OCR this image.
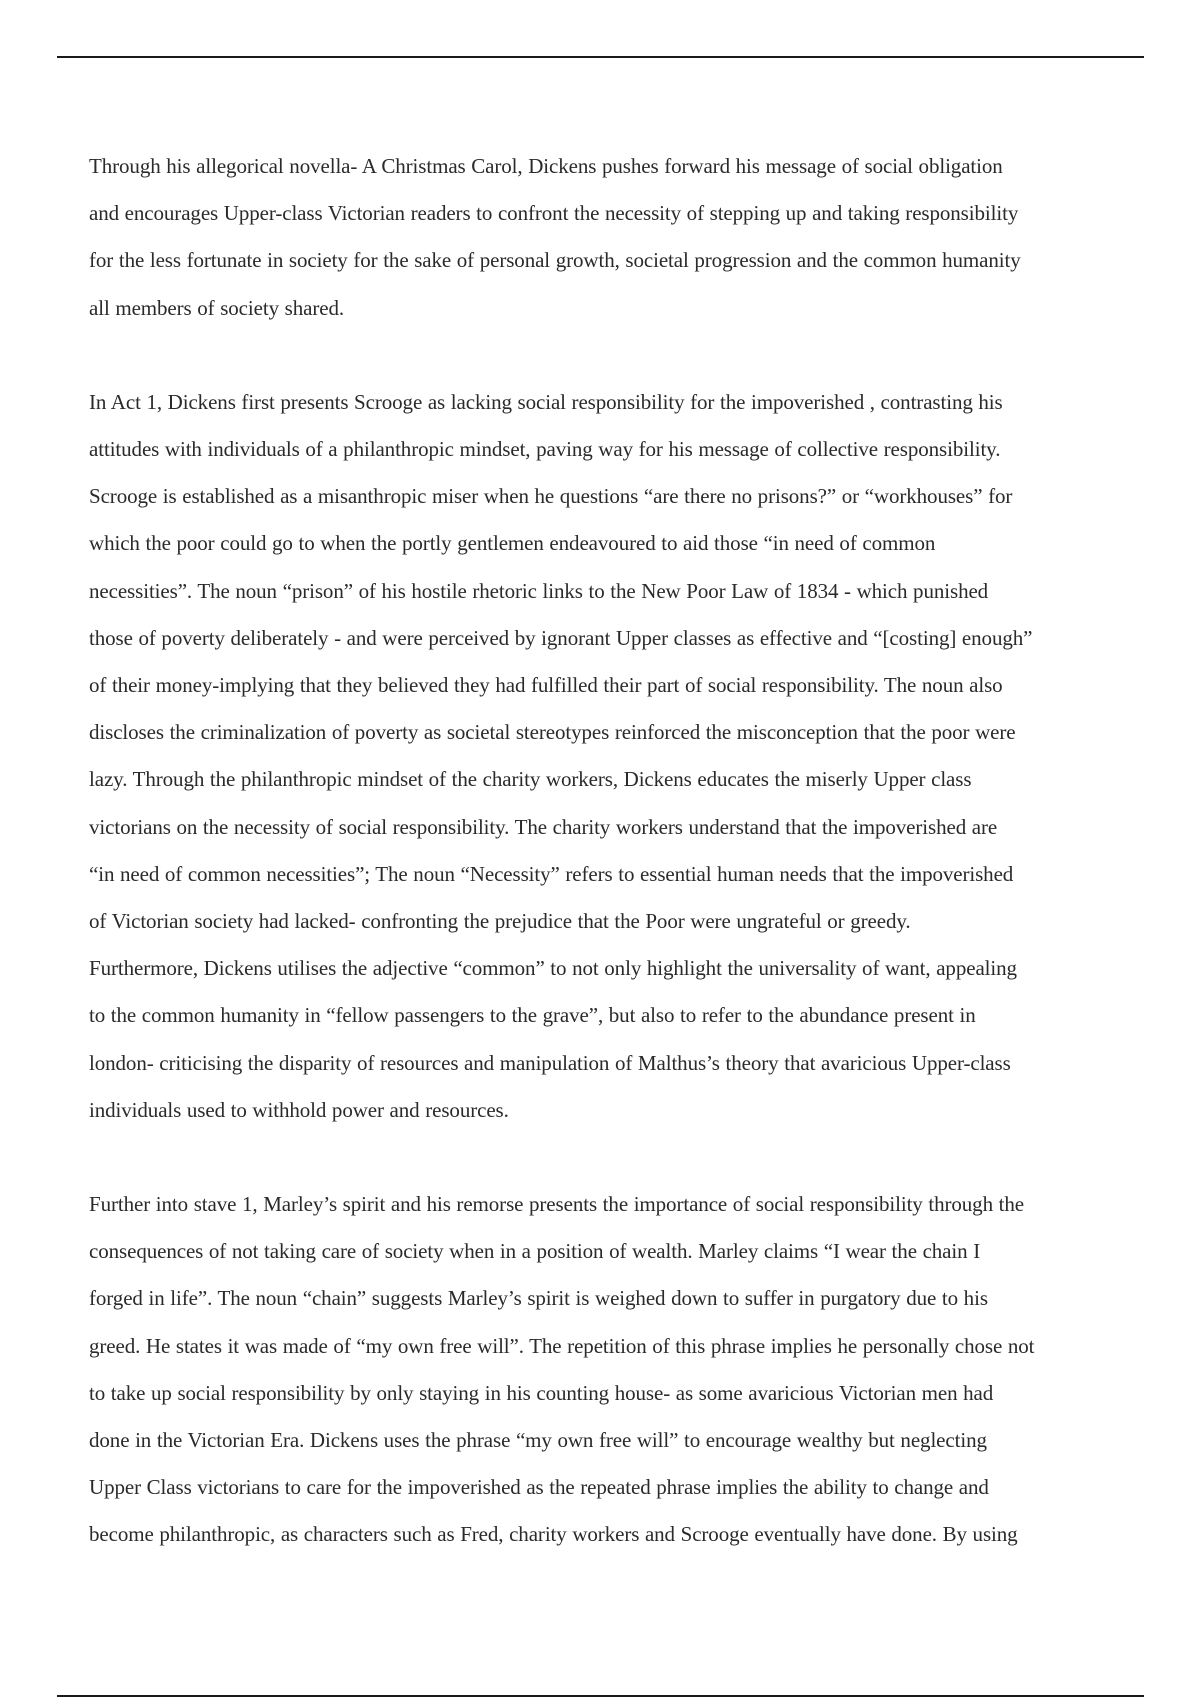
Through his allegorical novella- A Christmas Carol, Dickens pushes forward his message of social obligation
and encourages Upper-class Victorian readers to confront the necessity of stepping up and taking responsibility
for the less fortunate in society for the sake of personal growth, societal progression and the common humanity
all members of society shared.
In Act 1, Dickens first presents Scrooge as lacking social responsibility for the impoverished , contrasting his
attitudes with individuals of a philanthropic mindset, paving way for his message of collective responsibility.
Scrooge is established as a misanthropic miser when he questions “are there no prisons?” or “workhouses” for
which the poor could go to when the portly gentlemen endeavoured to aid those “in need of common
necessities”. The noun “prison” of his hostile rhetoric links to the New Poor Law of 1834 - which punished
those of poverty deliberately - and were perceived by ignorant Upper classes as effective and “[costing] enough”
of their money-implying that they believed they had fulfilled their part of social responsibility. The noun also
discloses the criminalization of poverty as societal stereotypes reinforced the misconception that the poor were
lazy. Through the philanthropic mindset of the charity workers, Dickens educates the miserly Upper class
victorians on the necessity of social responsibility. The charity workers understand that the impoverished are
“in need of common necessities”; The noun “Necessity” refers to essential human needs that the impoverished
of Victorian society had lacked- confronting the prejudice that the Poor were ungrateful or greedy.
Furthermore, Dickens utilises the adjective “common” to not only highlight the universality of want, appealing
to the common humanity in “fellow passengers to the grave”, but also to refer to the abundance present in
london- criticising the disparity of resources and manipulation of Malthus’s theory that avaricious Upper-class
individuals used to withhold power and resources.
Further into stave 1, Marley’s spirit and his remorse presents the importance of social responsibility through the
consequences of not taking care of society when in a position of wealth. Marley claims “I wear the chain I
forged in life”. The noun “chain” suggests Marley’s spirit is weighed down to suffer in purgatory due to his
greed. He states it was made of “my own free will”. The repetition of this phrase implies he personally chose not
to take up social responsibility by only staying in his counting house- as some avaricious Victorian men had
done in the Victorian Era. Dickens uses the phrase “my own free will” to encourage wealthy but neglecting
Upper Class victorians to care for the impoverished as the repeated phrase implies the ability to change and
become philanthropic, as characters such as Fred, charity workers and Scrooge eventually have done. By using
